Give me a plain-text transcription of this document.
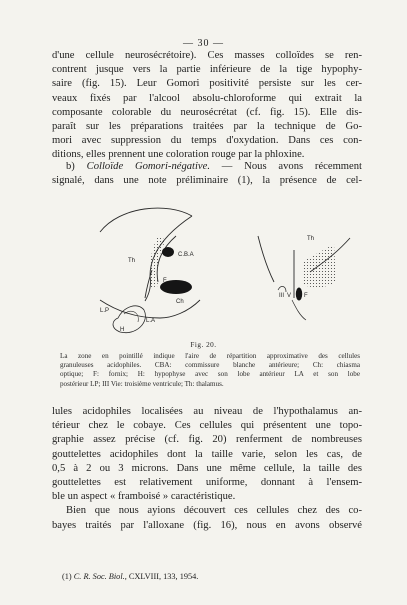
— 30 —
d'une cellule neurosécrétoire). Ces masses colloïdes se ren-
contrent jusque vers la partie inférieure de la tige hypophy-
saire (fig. 15). Leur Gomori positivité persiste sur les cer-
veaux fixés par l'alcool absolu-chloroforme qui extrait la
composante colorable du neurosécrétat (cf. fig. 15). Elle dis-
paraît sur les préparations traitées par la technique de Go-
mori avec suppression du temps d'oxydation. Dans ces con-
ditions, elles prennent une coloration rouge par la phloxine.
b) Colloïde Gomori-négative. — Nous avons récemment
signalé, dans une note préliminaire (1), la présence de cel-
Th
C.B.A
F
Ch
L.P
L.A
H
Th
III V F
Fig. 20.
La zone en pointillé indique l'aire de répartition approximative des cellules
granuleuses acidophiles. CBA: commissure blanche antérieure; Ch: chiasma
optique; F: fornix; H: hypophyse avec son lobe antérieur LA et son lobe
postérieur LP; III Vie: troisième ventricule; Th: thalamus.
lules acidophiles localisées au niveau de l'hypothalamus an-
térieur chez le cobaye. Ces cellules qui présentent une topo-
graphie assez précise (cf. fig. 20) renferment de nombreuses
gouttelettes acidophiles dont la taille varie, selon les cas, de
0,5 à 2 ou 3 microns. Dans une même cellule, la taille des
gouttelettes est relativement uniforme, donnant à l'ensem-
ble un aspect « framboisé » caractéristique.
Bien que nous ayions découvert ces cellules chez des co-
bayes traités par l'alloxane (fig. 16), nous en avons observé
(1) C. R. Soc. Biol., CXLVIII, 133, 1954.
